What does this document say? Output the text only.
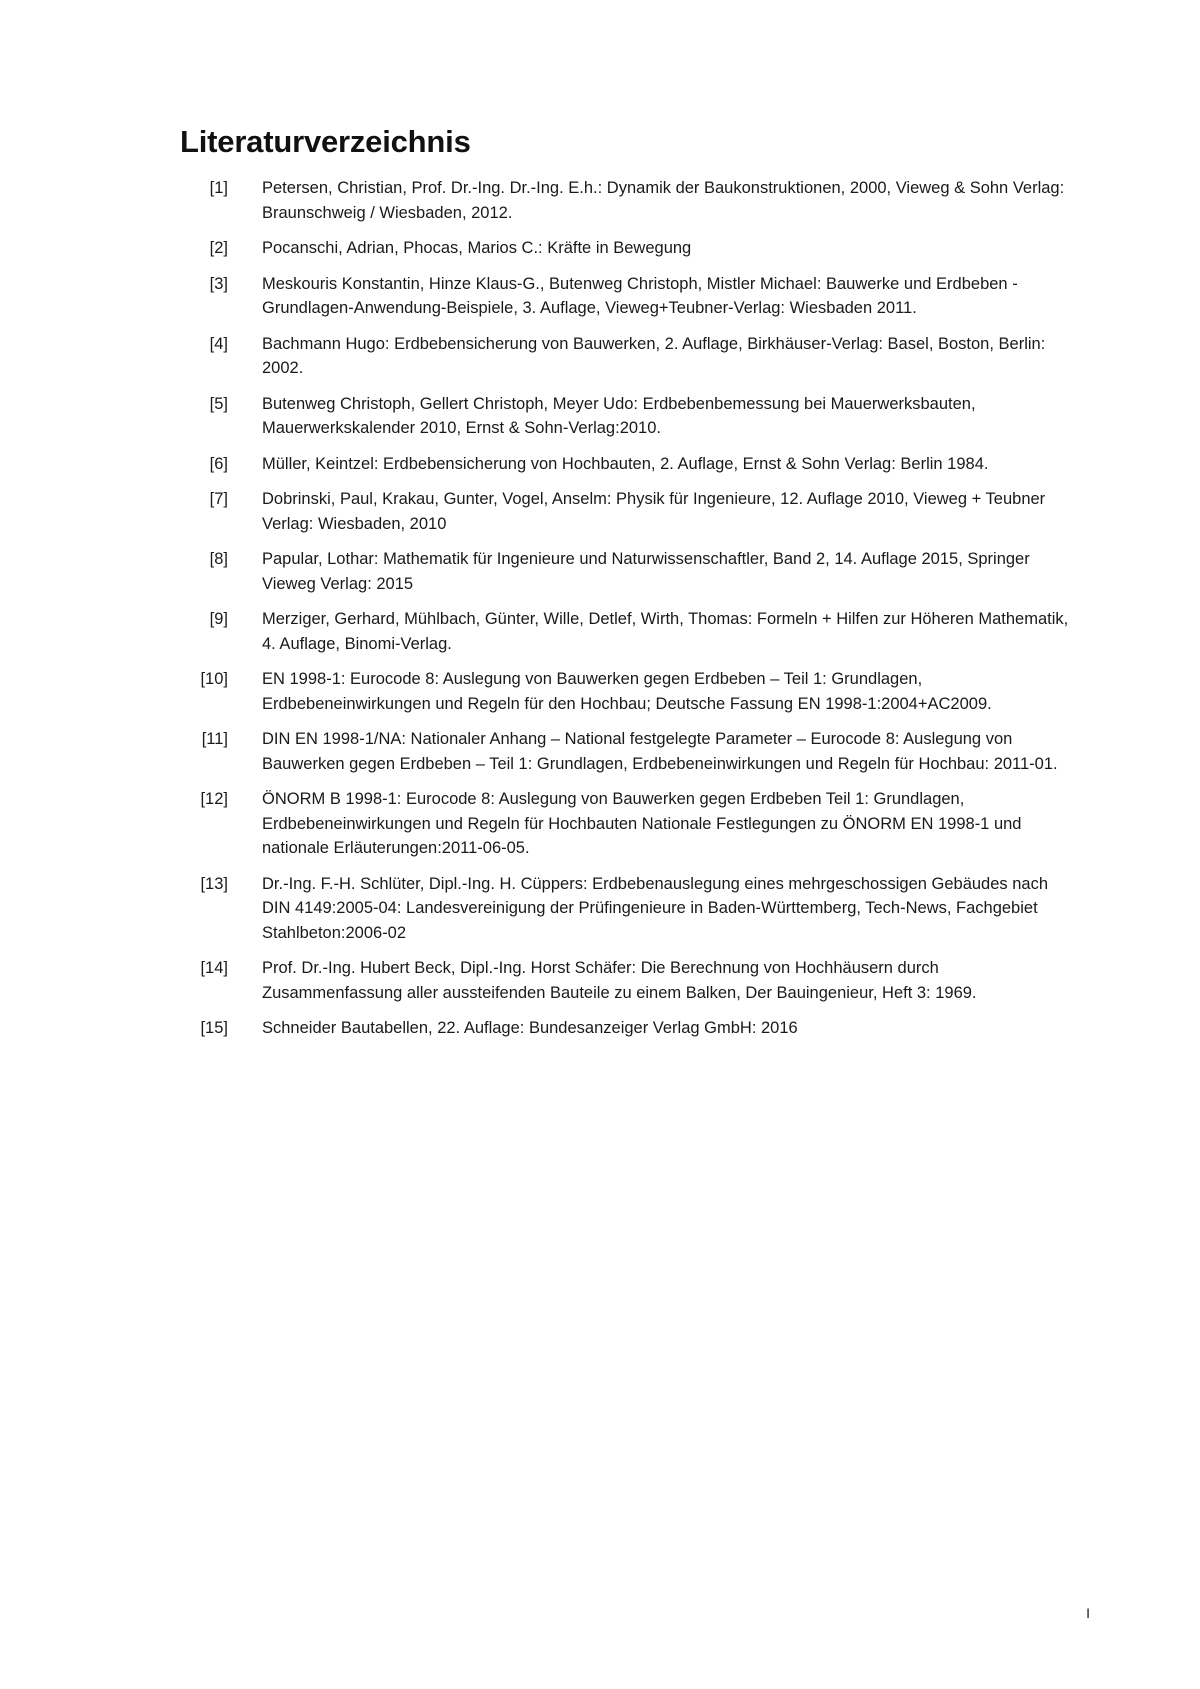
Literaturverzeichnis
[1] Petersen, Christian, Prof. Dr.-Ing. Dr.-Ing. E.h.: Dynamik der Baukonstruktionen, 2000, Vieweg & Sohn Verlag: Braunschweig / Wiesbaden, 2012.
[2] Pocanschi, Adrian, Phocas, Marios C.: Kräfte in Bewegung
[3] Meskouris Konstantin, Hinze Klaus-G., Butenweg Christoph, Mistler Michael: Bauwerke und Erdbeben - Grundlagen-Anwendung-Beispiele, 3. Auflage, Vieweg+Teubner-Verlag: Wiesbaden 2011.
[4] Bachmann Hugo: Erdbebensicherung von Bauwerken, 2. Auflage, Birkhäuser-Verlag: Basel, Boston, Berlin: 2002.
[5] Butenweg Christoph, Gellert Christoph, Meyer Udo: Erdbebenbemessung bei Mauerwerksbauten, Mauerwerkskalender 2010, Ernst & Sohn-Verlag:2010.
[6] Müller, Keintzel: Erdbebensicherung von Hochbauten, 2. Auflage, Ernst & Sohn Verlag: Berlin 1984.
[7] Dobrinski, Paul, Krakau, Gunter, Vogel, Anselm: Physik für Ingenieure, 12. Auflage 2010, Vieweg + Teubner Verlag: Wiesbaden, 2010
[8] Papular, Lothar: Mathematik für Ingenieure und Naturwissenschaftler, Band 2, 14. Auflage 2015, Springer Vieweg Verlag: 2015
[9] Merziger, Gerhard, Mühlbach, Günter, Wille, Detlef, Wirth, Thomas: Formeln + Hilfen zur Höheren Mathematik, 4. Auflage, Binomi-Verlag.
[10] EN 1998-1: Eurocode 8: Auslegung von Bauwerken gegen Erdbeben – Teil 1: Grundlagen, Erdbebeneinwirkungen und Regeln für den Hochbau; Deutsche Fassung EN 1998-1:2004+AC2009.
[11] DIN EN 1998-1/NA: Nationaler Anhang – National festgelegte Parameter – Eurocode 8: Auslegung von Bauwerken gegen Erdbeben – Teil 1: Grundlagen, Erdbebeneinwirkungen und Regeln für Hochbau: 2011-01.
[12] ÖNORM B 1998-1: Eurocode 8: Auslegung von Bauwerken gegen Erdbeben Teil 1: Grundlagen, Erdbebeneinwirkungen und Regeln für Hochbauten Nationale Festlegungen zu ÖNORM EN 1998-1 und nationale Erläuterungen:2011-06-05.
[13] Dr.-Ing. F.-H. Schlüter, Dipl.-Ing. H. Cüppers: Erdbebenauslegung eines mehrgeschossigen Gebäudes nach DIN 4149:2005-04: Landesvereinigung der Prüfingenieure in Baden-Württemberg, Tech-News, Fachgebiet Stahlbeton:2006-02
[14] Prof. Dr.-Ing. Hubert Beck, Dipl.-Ing. Horst Schäfer: Die Berechnung von Hochhäusern durch Zusammenfassung aller aussteifenden Bauteile zu einem Balken, Der Bauingenieur, Heft 3: 1969.
[15] Schneider Bautabellen, 22. Auflage: Bundesanzeiger Verlag GmbH: 2016
I
